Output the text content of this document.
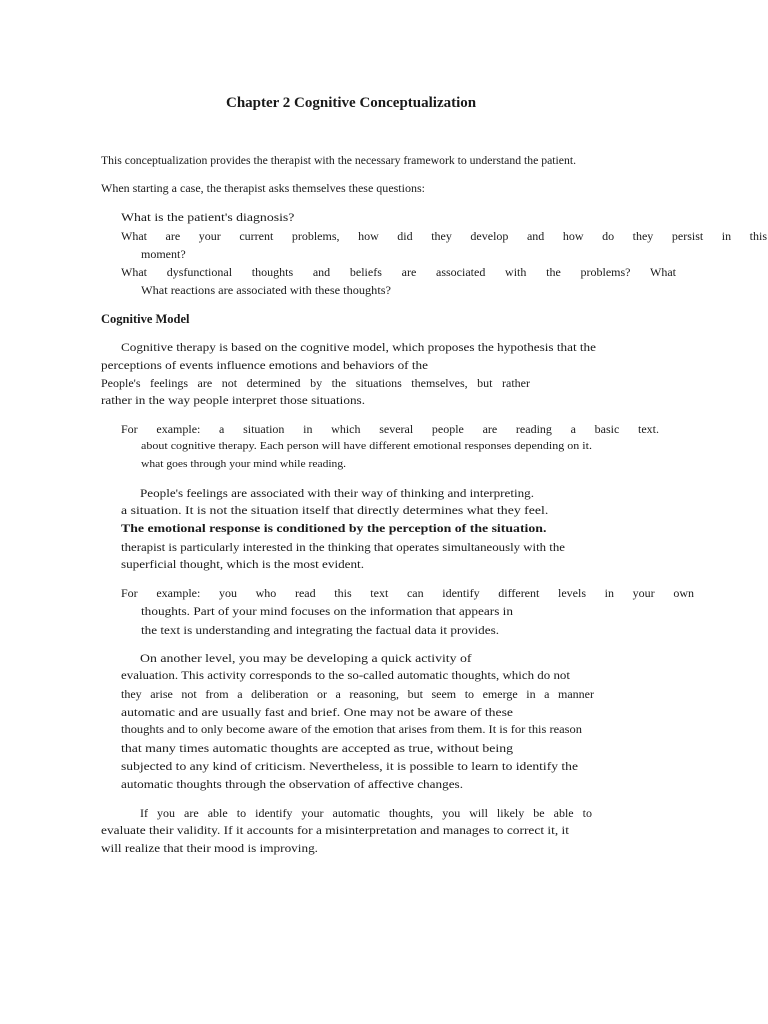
Chapter 2 Cognitive Conceptualization
This conceptualization provides the therapist with the necessary framework to understand the patient.
When starting a case, the therapist asks themselves these questions:
What is the patient's diagnosis?
What are your current problems, how did they develop and how do they persist in this
moment?
What dysfunctional thoughts and beliefs are associated with the problems? What
What reactions are associated with these thoughts?
Cognitive Model
Cognitive therapy is based on the cognitive model, which proposes the hypothesis that the
perceptions of events influence emotions and behaviors of the
People's feelings are not determined by the situations themselves, but rather
rather in the way people interpret those situations.
For example: a situation in which several people are reading a basic text.
about cognitive therapy. Each person will have different emotional responses depending on it.
what goes through your mind while reading.
People's feelings are associated with their way of thinking and interpreting.
a situation. It is not the situation itself that directly determines what they feel.
The emotional response is conditioned by the perception of the situation.
therapist is particularly interested in the thinking that operates simultaneously with the
superficial thought, which is the most evident.
For example: you who read this text can identify different levels in your own
thoughts. Part of your mind focuses on the information that appears in
the text is understanding and integrating the factual data it provides.
On another level, you may be developing a quick activity of
evaluation. This activity corresponds to the so-called automatic thoughts, which do not
they arise not from a deliberation or a reasoning, but seem to emerge in a manner
automatic and are usually fast and brief. One may not be aware of these
thoughts and to only become aware of the emotion that arises from them. It is for this reason
that many times automatic thoughts are accepted as true, without being
subjected to any kind of criticism. Nevertheless, it is possible to learn to identify the
automatic thoughts through the observation of affective changes.
If you are able to identify your automatic thoughts, you will likely be able to
evaluate their validity. If it accounts for a misinterpretation and manages to correct it, it
will realize that their mood is improving.
